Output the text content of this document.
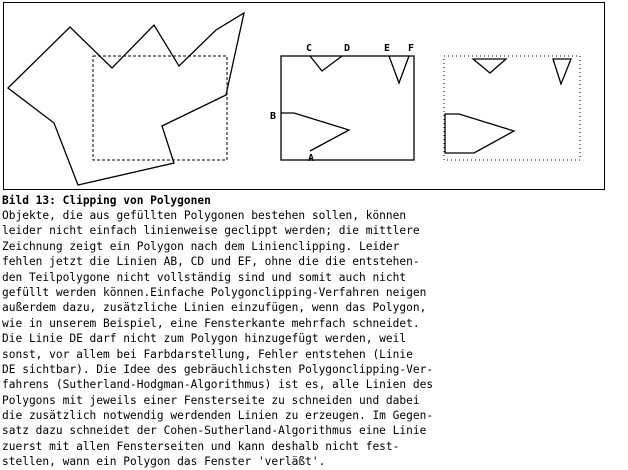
C	D	E F
B
A
Bild 13: Clipping von Polygonen
Objekte, die aus gefüllten Polygonen bestehen sollen, können
leider nicht einfach linienweise geclippt werden; die mittlere
Zeichnung zeigt ein Polygon nach dem Linienclipping. Leider
fehlen jetzt die Linien AB, CD und EF, ohne die die entstehen-
den Teilpolygone nicht vollständig sind und somit auch nicht
gefüllt werden können.Einfache Polygonclipping-Verfahren neigen
außerdem dazu, zusätzliche Linien einzufügen, wenn das Polygon,
wie in unserem Beispiel, eine Fensterkante mehrfach schneidet.
Die Linie DE darf nicht zum Polygon hinzugefügt werden, weil
sonst, vor allem bei Farbdarstellung, Fehler entstehen (Linie
DE sichtbar). Die Idee des gebräuchlichsten Polygonclipping-Ver-
fahrens (Sutherland-Hodgman-Algorithmus) ist es, alle Linien des
Polygons mit jeweils einer Fensterseite zu schneiden und dabei
die zusätzlich notwendig werdenden Linien zu erzeugen. Im Gegen-
satz dazu schneidet der Cohen-Sutherland-Algorithmus eine Linie
zuerst mit allen Fensterseiten und kann deshalb nicht fest-
stellen, wann ein Polygon das Fenster 'verläßt'.
